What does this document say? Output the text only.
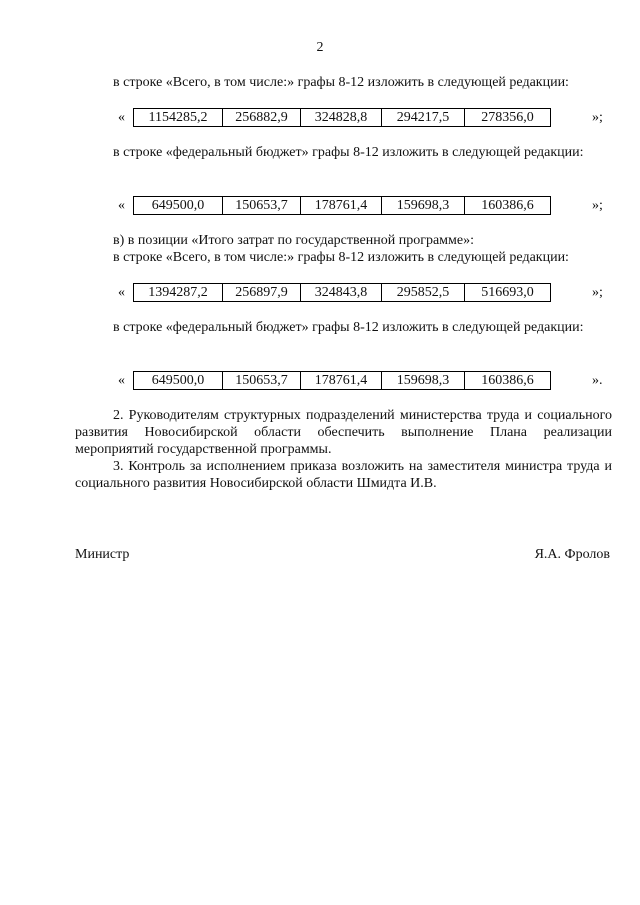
2
в строке «Всего, в том числе:» графы 8-12 изложить в следующей редакции:
« 1154285,2	256882,9	324828,8	294217,5	278356,0	»;
в строке «федеральный бюджет» графы 8-12 изложить в следующей редакции:
« 649500,0	150653,7	178761,4	159698,3	160386,6	»;
в) в позиции «Итого затрат по государственной программе»:
в строке «Всего, в том числе:» графы 8-12 изложить в следующей редакции:
« 1394287,2	256897,9	324843,8	295852,5	516693,0	»;
в строке «федеральный бюджет» графы 8-12 изложить в следующей редакции:
« 649500,0	150653,7	178761,4	159698,3	160386,6	».
2. Руководителям структурных подразделений министерства труда и социального развития Новосибирской области обеспечить выполнение Плана реализации мероприятий государственной программы.
3. Контроль за исполнением приказа возложить на заместителя министра труда и социального развития Новосибирской области Шмидта И.В.
Министр	Я.А. Фролов
